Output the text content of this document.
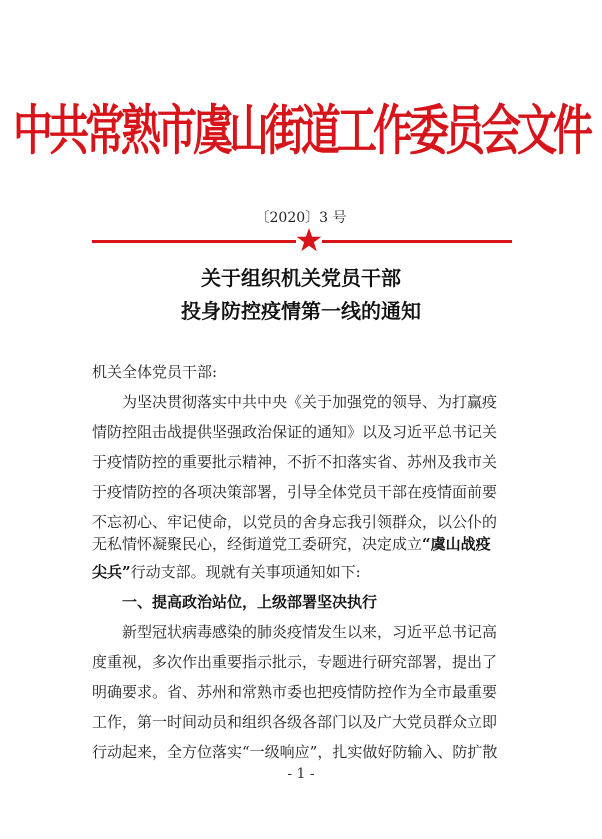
中共常熟市虞山街道工作委员会文件
〔2020〕3 号
关于组织机关党员干部
投身防控疫情第一线的通知
机关全体党员干部:
为坚决贯彻落实中共中央《关于加强党的领导、为打赢疫
情防控阻击战提供坚强政治保证的通知》以及习近平总书记关
于疫情防控的重要批示精神，不折不扣落实省、苏州及我市关
于疫情防控的各项决策部署，引导全体党员干部在疫情面前要
不忘初心、牢记使命，以党员的舍身忘我引领群众，以公仆的
无私情怀凝聚民心，经街道党工委研究，决定成立“虞山战疫
尖兵”行动支部。现就有关事项通知如下:
一、提高政治站位，上级部署坚决执行
新型冠状病毒感染的肺炎疫情发生以来，习近平总书记高
度重视，多次作出重要指示批示，专题进行研究部署，提出了
明确要求。省、苏州和常熟市委也把疫情防控作为全市最重要
工作，第一时间动员和组织各级各部门以及广大党员群众立即
行动起来，全方位落实“一级响应”，扎实做好防输入、防扩散
- 1 -
